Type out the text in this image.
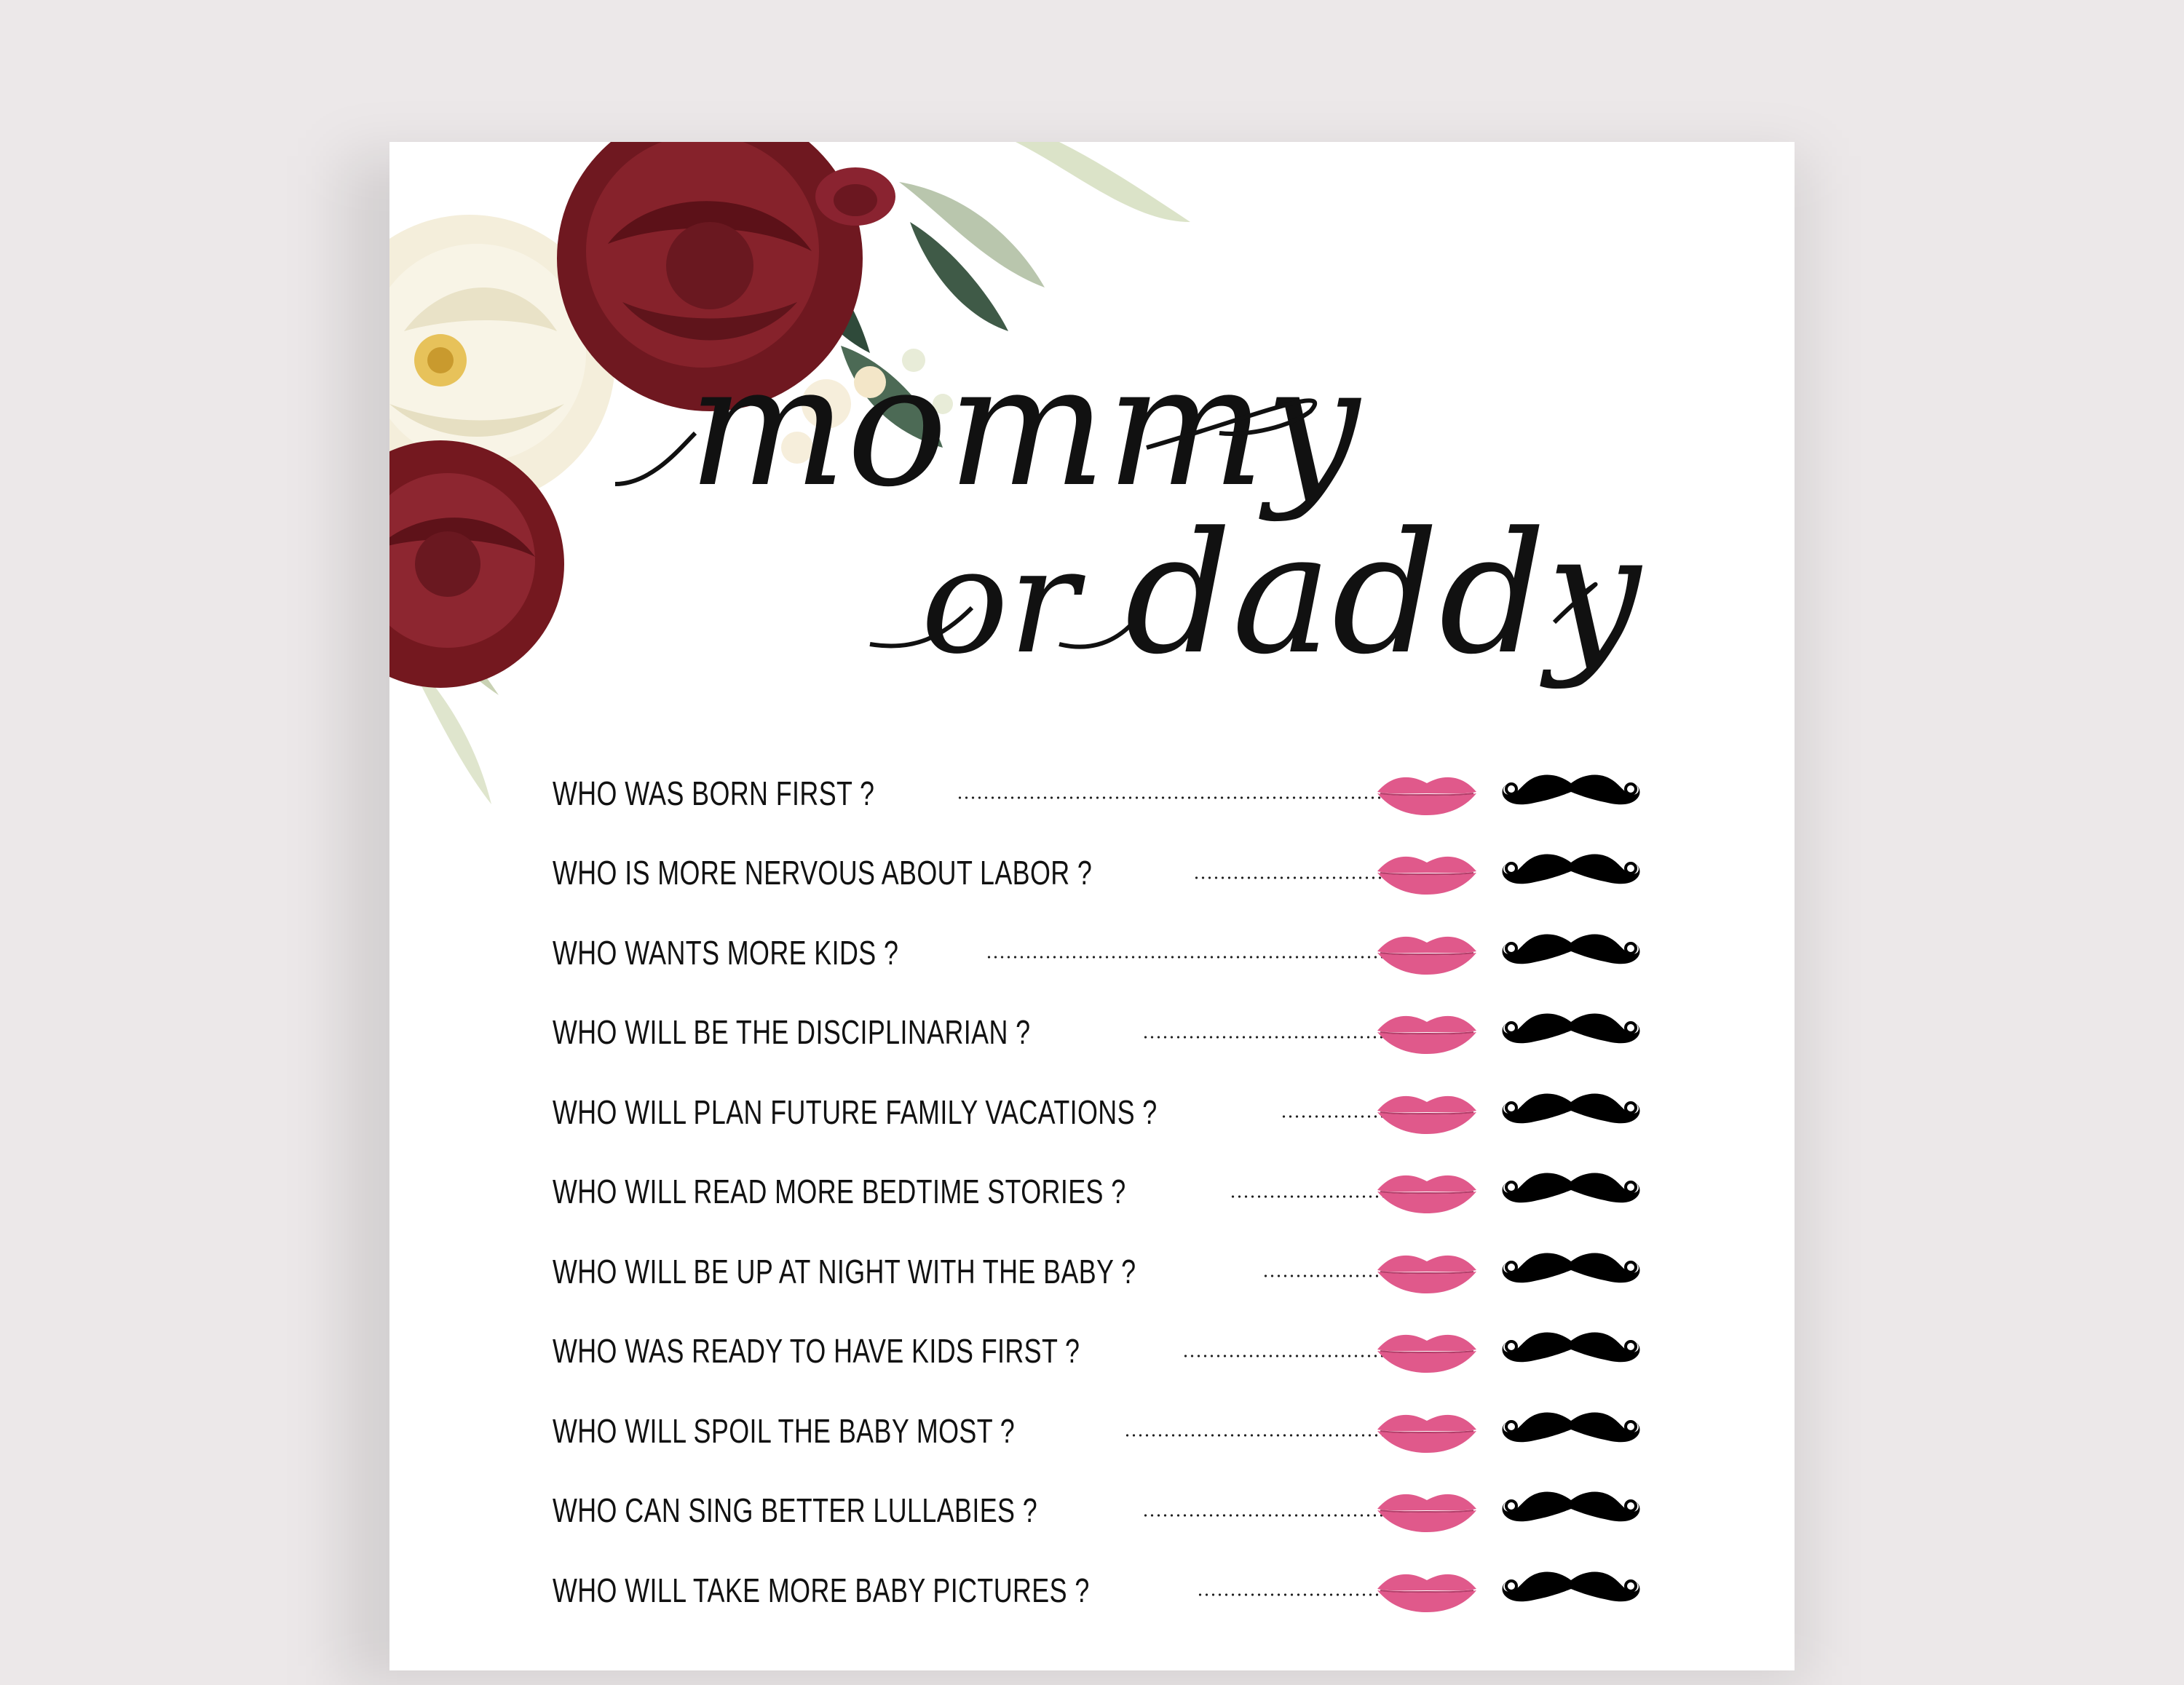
mommy
or daddy
WHO WAS BORN FIRST ?
WHO IS MORE NERVOUS ABOUT LABOR ?
WHO WANTS MORE KIDS ?
WHO WILL BE THE DISCIPLINARIAN ?
WHO WILL PLAN FUTURE FAMILY VACATIONS ?
WHO WILL READ MORE BEDTIME STORIES ?
WHO WILL BE UP AT NIGHT WITH THE BABY ?
WHO WAS READY TO HAVE KIDS FIRST ?
WHO WILL SPOIL THE BABY MOST ?
WHO CAN SING BETTER LULLABIES ?
WHO WILL TAKE MORE BABY PICTURES ?
